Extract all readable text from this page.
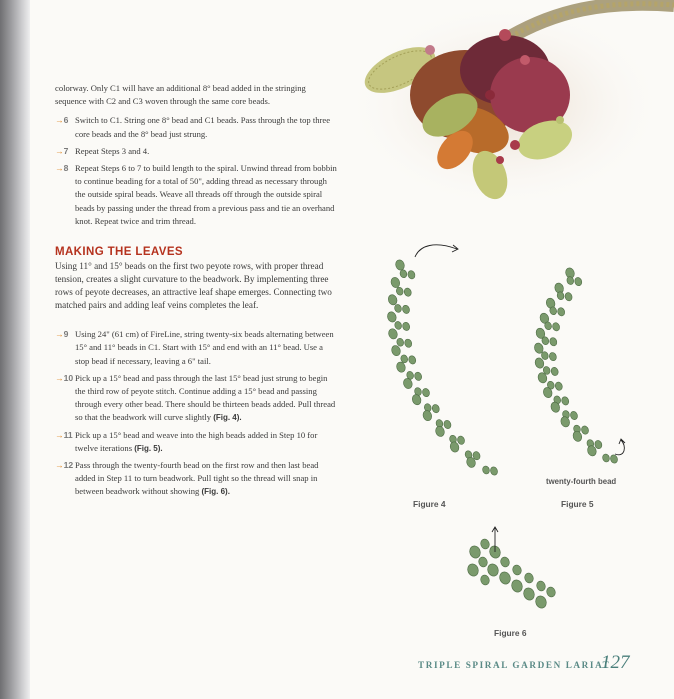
colorway. Only C1 will have an additional 8° bead added in the stringing sequence with C2 and C3 woven through the same core beads.

→6 Switch to C1. String one 8° bead and C1 beads. Pass through the top three core beads and the 8° bead just strung.
→7 Repeat Steps 3 and 4.
→8 Repeat Steps 6 to 7 to build length to the spiral. Unwind thread from bobbin to continue beading for a total of 50", adding thread as necessary through the outside spiral beads. Weave all threads off through the outside spiral beads by passing under the thread from a previous pass and tie an overhand knot. Repeat twice and trim thread.
MAKING THE LEAVES

Using 11° and 15° beads on the first two peyote rows, with proper thread tension, creates a slight curvature to the beadwork. By implementing three rows of peyote decreases, an attractive leaf shape emerges. Connecting two matched pairs and adding leaf veins completes the leaf.

→9 Using 24" (61 cm) of FireLine, string twenty-six beads alternating between 15° and 11° beads in C1. Start with 15° and end with an 11° bead. Use a stop bead if necessary, leaving a 6" tail.
→10 Pick up a 15° bead and pass through the last 15° bead just strung to begin the third row of peyote stitch. Continue adding a 15° bead and passing through every other bead. There should be thirteen beads added. Pull thread so that the beadwork will curve slightly (Fig. 4).
→11 Pick up a 15° bead and weave into the high beads added in Step 10 for twelve iterations (Fig. 5).
→12 Pass through the twenty-fourth bead on the first row and then last bead added in Step 11 to turn beadwork. Pull tight so the thread will snap in between beadwork without showing (Fig. 6).
Figure 4
twenty-fourth bead
Figure 5
Figure 6
TRIPLE SPIRAL GARDEN LARIAT
127
